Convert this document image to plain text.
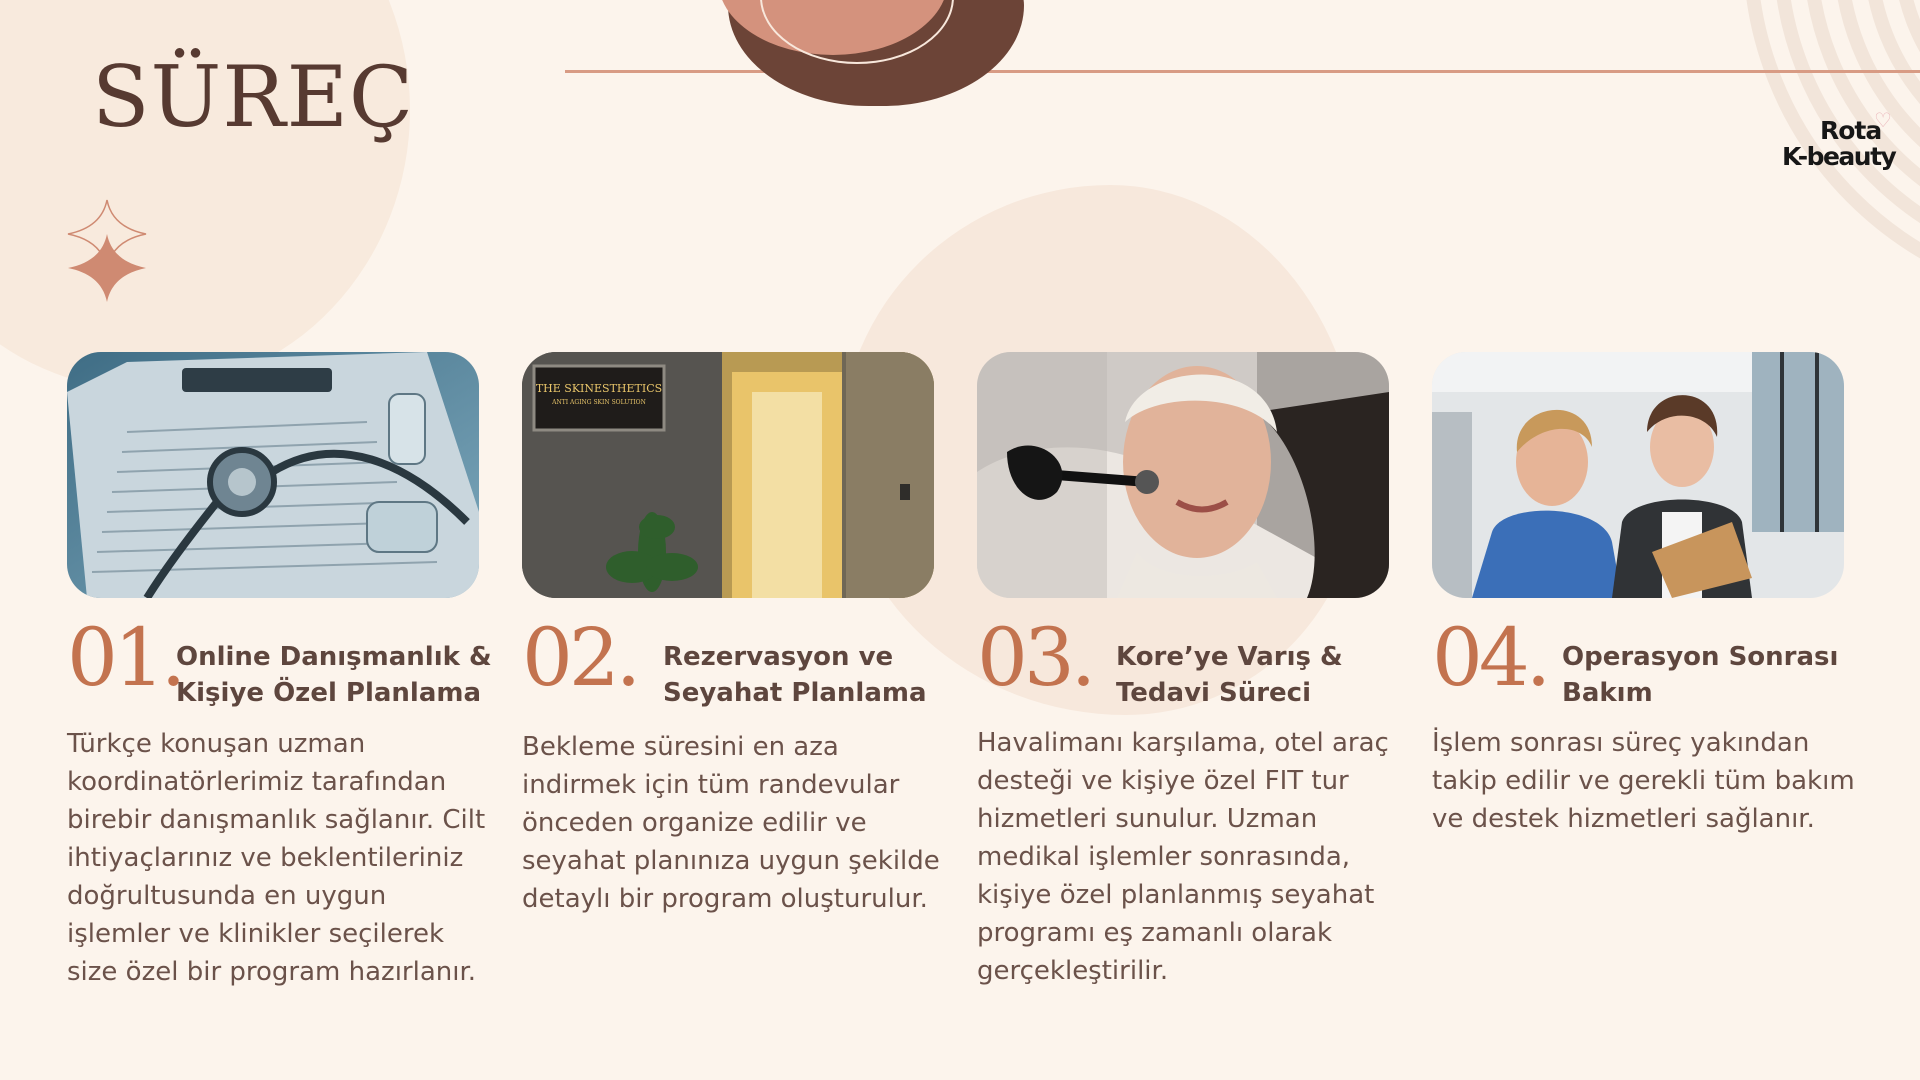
SÜREÇ	♡
Rota
K-beauty
01.
Online Danışmanlık &
Kişiye Özel Planlama

Türkçe konuşan uzman koordinatörlerimiz tarafından birebir danışmanlık sağlanır. Cilt ihtiyaçlarınız ve beklentileriniz doğrultusunda en uygun işlemler ve klinikler seçilerek size özel bir program hazırlanır.

THE SKINESTHETICS
ANTI AGING SKIN SOLUTION
02. Rezervasyon ve
Seyahat Planlama

Bekleme süresini en aza indirmek için tüm randevular önceden organize edilir ve seyahat planınıza uygun şekilde detaylı bir program oluşturulur.

03. Kore’ye Varış &
Tedavi Süreci

Havalimanı karşılama, otel araç desteği ve kişiye özel FIT tur hizmetleri sunulur. Uzman medikal işlemler sonrasında, kişiye özel planlanmış seyahat programı eş zamanlı olarak gerçekleştirilir.

04. Operasyon Sonrası
Bakım

İşlem sonrası süreç yakından takip edilir ve gerekli tüm bakım ve destek hizmetleri sağlanır.
